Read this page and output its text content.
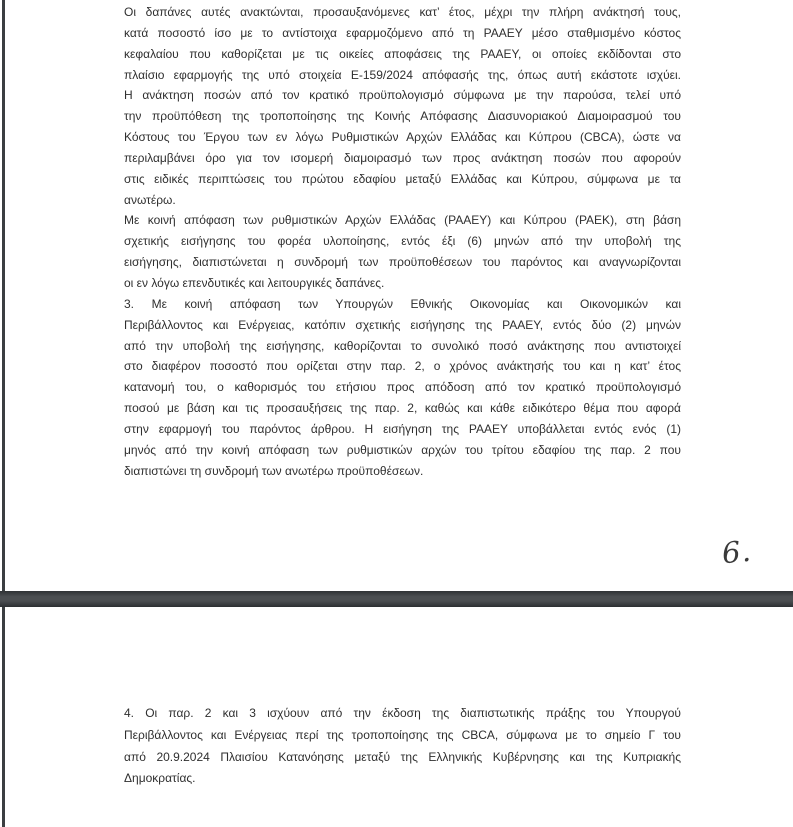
Οι δαπάνες αυτές ανακτώνται, προσαυξανόμενες κατ’ έτος, μέχρι την πλήρη ανάκτησή τους,
κατά ποσοστό ίσο με το αντίστοιχα εφαρμοζόμενο από τη ΡΑΑΕΥ μέσο σταθμισμένο κόστος
κεφαλαίου που καθορίζεται με τις οικείες αποφάσεις της ΡΑΑΕΥ, οι οποίες εκδίδονται στο
πλαίσιο εφαρμογής της υπό στοιχεία Ε-159/2024 απόφασής της, όπως αυτή εκάστοτε ισχύει.
Η ανάκτηση ποσών από τον κρατικό προϋπολογισμό σύμφωνα με την παρούσα, τελεί υπό
την προϋπόθεση της τροποποίησης της Κοινής Απόφασης Διασυνοριακού Διαμοιρασμού του
Κόστους του Έργου των εν λόγω Ρυθμιστικών Αρχών Ελλάδας και Κύπρου (CBCA), ώστε να
περιλαμβάνει όρο για τον ισομερή διαμοιρασμό των προς ανάκτηση ποσών που αφορούν
στις ειδικές περιπτώσεις του πρώτου εδαφίου μεταξύ Ελλάδας και Κύπρου, σύμφωνα με τα
ανωτέρω.
Με κοινή απόφαση των ρυθμιστικών Αρχών Ελλάδας (ΡΑΑΕΥ) και Κύπρου (ΡΑΕΚ), στη βάση
σχετικής εισήγησης του φορέα υλοποίησης, εντός έξι (6) μηνών από την υποβολή της
εισήγησης, διαπιστώνεται η συνδρομή των προϋποθέσεων του παρόντος και αναγνωρίζονται
οι εν λόγω επενδυτικές και λειτουργικές δαπάνες.
3. Με κοινή απόφαση των Υπουργών Εθνικής Οικονομίας και Οικονομικών και
Περιβάλλοντος και Ενέργειας, κατόπιν σχετικής εισήγησης της ΡΑΑΕΥ, εντός δύο (2) μηνών
από την υποβολή της εισήγησης, καθορίζονται το συνολικό ποσό ανάκτησης που αντιστοιχεί
στο διαφέρον ποσοστό που ορίζεται στην παρ. 2, ο χρόνος ανάκτησής του και η κατ’ έτος
κατανομή του, ο καθορισμός του ετήσιου προς απόδοση από τον κρατικό προϋπολογισμό
ποσού με βάση και τις προσαυξήσεις της παρ. 2, καθώς και κάθε ειδικότερο θέμα που αφορά
στην εφαρμογή του παρόντος άρθρου. Η εισήγηση της ΡΑΑΕΥ υποβάλλεται εντός ενός (1)
μηνός από την κοινή απόφαση των ρυθμιστικών αρχών του τρίτου εδαφίου της παρ. 2 που
διαπιστώνει τη συνδρομή των ανωτέρω προϋποθέσεων.
6.
4. Οι παρ. 2 και 3 ισχύουν από την έκδοση της διαπιστωτικής πράξης του Υπουργού
Περιβάλλοντος και Ενέργειας περί της τροποποίησης της CBCA, σύμφωνα με το σημείο Γ του
από 20.9.2024 Πλαισίου Κατανόησης μεταξύ της Ελληνικής Κυβέρνησης και της Κυπριακής
Δημοκρατίας.
